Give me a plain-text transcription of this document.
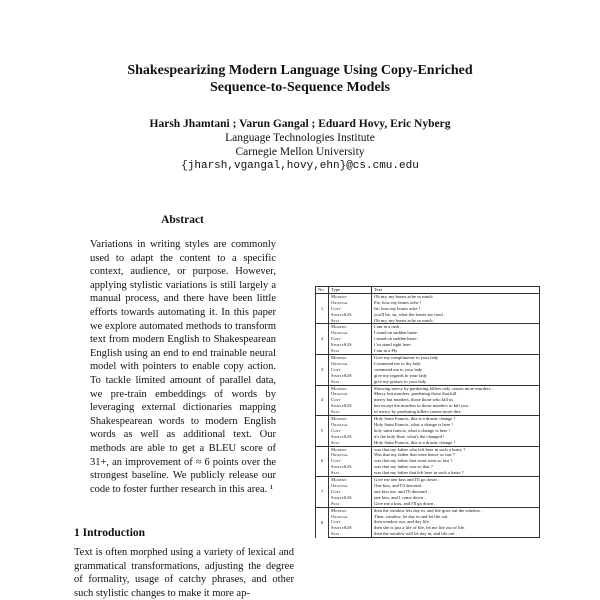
Shakespearizing Modern Language Using Copy-Enriched
Sequence-to-Sequence Models
Harsh Jhamtani ; Varun Gangal ; Eduard Hovy, Eric Nyberg
Language Technologies Institute
Carnegie Mellon University
{jharsh,vgangal,hovy,ehn}@cs.cmu.edu
Abstract
Variations in writing styles are commonly used to adapt the content to a specific context, audience, or purpose. However, applying stylistic variations is still largely a manual process, and there have been little efforts towards automating it. In this paper we explore automated methods to transform text from modern English to Shakespearean English using an end to end trainable neural model with pointers to enable copy action. To tackle limited amount of parallel data, we pre-train embeddings of words by leveraging external dictionaries mapping Shakespearean words to modern English words as well as additional text. Our methods are able to get a BLEU score of 31+, an improvement of ≈ 6 points over the strongest baseline. We publicly release our code to foster further research in this area. ¹
1 Introduction
Text is often morphed using a variety of lexical and grammatical transformations, adjusting the degree of formality, usage of catchy phrases, and other such stylistic changes to make it more ap-
No	Type	Text
1	Modern	Oh my, my bones ache so much
	Original	Fie, how my bones ache !
	Copy	fie, how my bones ache !
	SimpleS2S	you'll be, sir, what the bones are tired .
	Stat	Oh my, my bones ache so much .
2	Modern	I am in a rush .
	Original	I stand on sudden haste .
	Copy	i stand on sudden haste .
	SimpleS2S	i 'm stand right here .
	Stat	I am in a Fly
3	Modern	Give my compliments to your lady
	Original	Commend me to thy lady
	Copy	commend me to your lady
	SimpleS2S	give my regards to your lady
	Stat	give my praises to your lady
4	Modern	Showing mercy by pardoning killers only causes more murders .
	Original	Mercy but murders, pardoning those that kill .
	Copy	mercy but murders, those those who kill us .
	SimpleS2S	but except the murders to those murders to kill you .
	Stat	of mercy by pardoning killers causes more dire.
5	Modern	Holy Saint Francis, this is a drastic change !
	Original	Holy Saint Francis, what a change is here !
	Copy	holy saint francis, what a change is here !
	SimpleS2S	it's the holy flute, what's the changed !
	Stat	Holy Saint Francis, this is a drastic change !
6	Modern	was that my father who left here in such a hurry ?
	Original	Was that my father that went hence so fast ?
	Copy	was that my father that went went so fast ?
	SimpleS2S	was that my father was so that ?
	Stat	was that my father that left here in such a haste ?
7	Modern	Give me one kiss and I'll go down .
	Original	One kiss, and I'll descend .
	Copy	one kiss me, and I'll descend .
	SimpleS2S	one kiss, and I come down .
	Stat	Give me a kiss, and I'll go down .
8	Modern	then the window lets day in, and life goes out the window .
	Original	Then, window, let day in and let life out .
	Copy	then window out, and day life .
	SimpleS2S	then she is just a life of life, let me life out of life .
	Stat	then the window will let day in, and life out .
